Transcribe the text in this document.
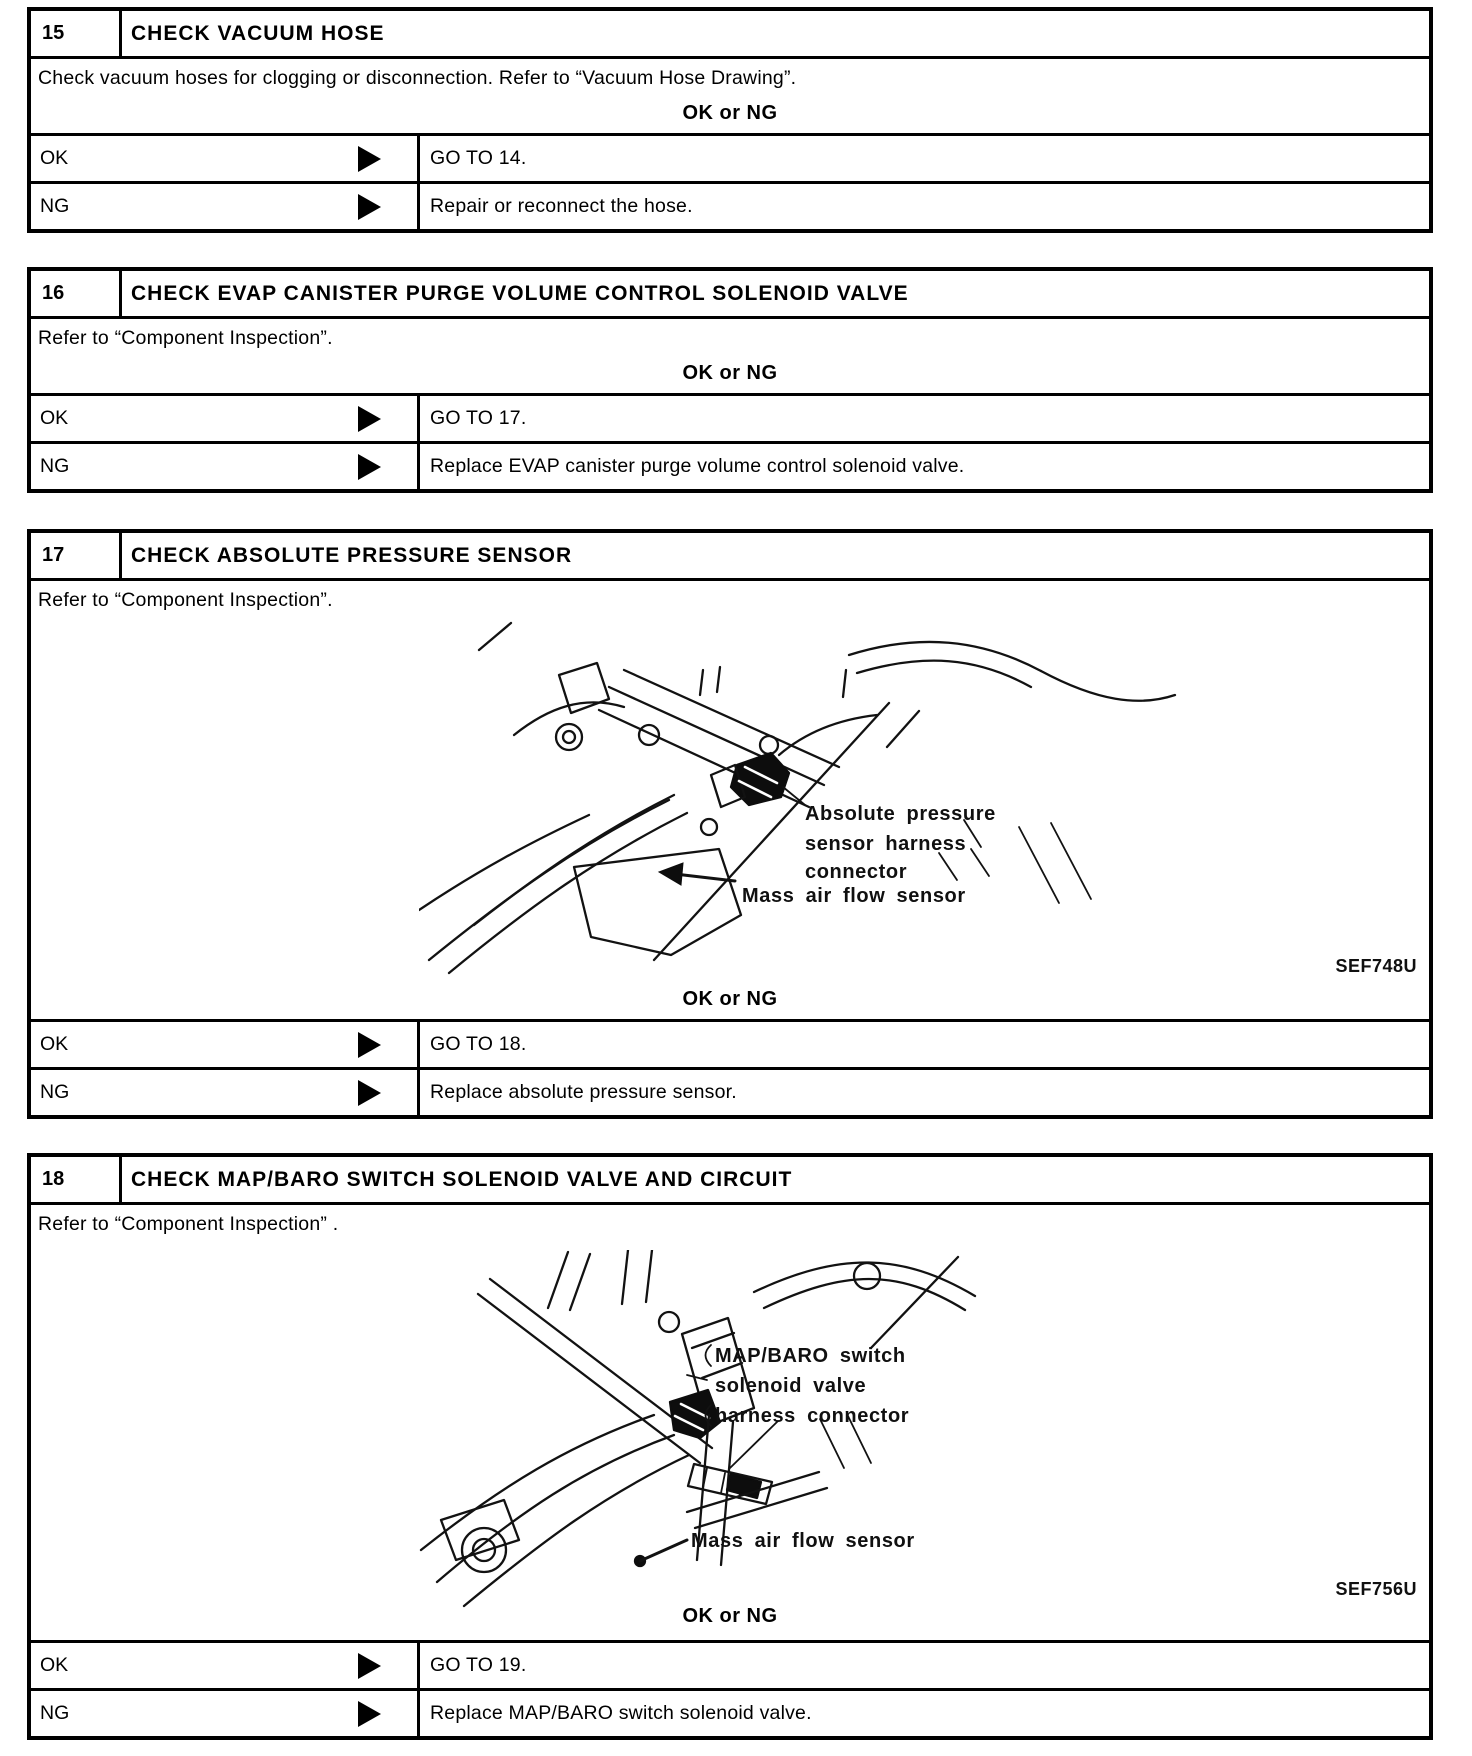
15	CHECK VACUUM HOSE
Check vacuum hoses for clogging or disconnection. Refer to “Vacuum Hose Drawing”.
OK or NG
OK	GO TO 14.
NG	Repair or reconnect the hose.
16	CHECK EVAP CANISTER PURGE VOLUME CONTROL SOLENOID VALVE
Refer to “Component Inspection”.
OK or NG
OK	GO TO 17.
NG	Replace EVAP canister purge volume control solenoid valve.
17	CHECK ABSOLUTE PRESSURE SENSOR
Refer to “Component Inspection”.
Absolute pressure
sensor harness
connector
Mass air flow sensor
SEF748U
OK or NG
OK	GO TO 18.
NG	Replace absolute pressure sensor.
18	CHECK MAP/BARO SWITCH SOLENOID VALVE AND CIRCUIT
Refer to “Component Inspection” .
MAP/BARO switch
solenoid valve
harness connector
Mass air flow sensor
SEF756U
OK or NG
OK	GO TO 19.
NG	Replace MAP/BARO switch solenoid valve.
